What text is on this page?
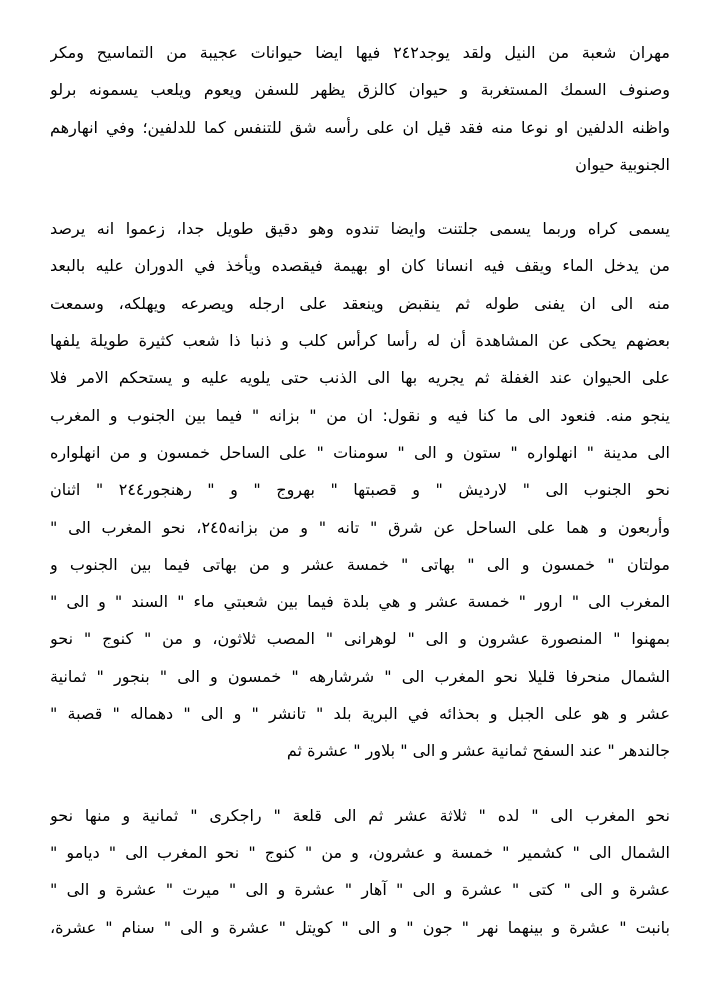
مهران شعبة من النيل ولقد يوجد٢٤٢ فيها ايضا حيوانات عجيبة من التماسيح ومكر
وصنوف السمك المستغربة و حيوان كالزق يظهر للسفن ويعوم ويلعب يسمونه برلو
واظنه الدلفين او نوعا منه فقد قيل ان على رأسه شق للتنفس كما للدلفين؛ وفي انهارهم
الجنوبية حيوان
يسمى كراه وربما يسمى جلتنت وايضا تندوه وهو دقيق طويل جدا، زعموا انه يرصد
من يدخل الماء ويقف فيه انسانا كان او بهيمة فيقصده ويأخذ في الدوران عليه بالبعد
منه الى ان يفنى طوله ثم ينقبض وينعقد على ارجله ويصرعه ويهلكه، وسمعت
بعضهم يحكى عن المشاهدة أن له رأسا كرأس كلب و ذنبا ذا شعب كثيرة طويلة يلفها
على الحيوان عند الغفلة ثم يجريه بها الى الذنب حتى يلويه عليه و يستحكم الامر فلا
ينجو منه. فنعود الى ما كنا فيه و نقول: ان من " بزانه " فيما بين الجنوب و المغرب
الى مدينة " انهلواره " ستون و الى " سومنات " على الساحل خمسون و من انهلواره
نحو الجنوب الى " لارديش " و قصبتها " بهروج " و " رهنجور٢٤٤ " اثنان
وأربعون و هما على الساحل عن شرق " تانه " و من بزانه٢٤٥، نحو المغرب الى "
مولتان " خمسون و الى " بهاتى " خمسة عشر و من بهاتى فيما بين الجنوب و
المغرب الى " ارور " خمسة عشر و هي بلدة فيما بين شعبتي ماء " السند " و الى "
بمهنوا " المنصورة عشرون و الى " لوهرانى " المصب ثلاثون، و من " كنوج " نحو
الشمال منحرفا قليلا نحو المغرب الى " شرشارهه " خمسون و الى " بنجور " ثمانية
عشر و هو على الجبل و بحذائه في البرية بلد " تانشر " و الى " دهماله " قصبة "
جالندهر " عند السفح ثمانية عشر و الى " بلاور " عشرة ثم
نحو المغرب الى " لده " ثلاثة عشر ثم الى قلعة " راجكرى " ثمانية و منها نحو
الشمال الى " كشمير " خمسة و عشرون، و من " كنوج " نحو المغرب الى " ديامو "
عشرة و الى " كتى " عشرة و الى " آهار " عشرة و الى " ميرت " عشرة و الى "
بانبت " عشرة و بينهما نهر " جون " و الى " كويتل " عشرة و الى " سنام " عشرة،
